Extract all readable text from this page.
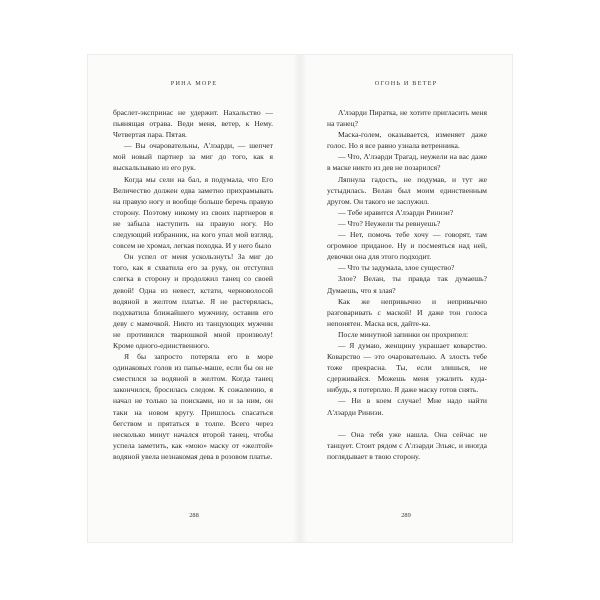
РИНА МОРЕ

браслет-экспринас не удержит. Нахальство — пьянящая отрава. Веди меня, ветер, к Нему. Четвертая пара. Пятая.

— Вы очаровательны, Λ'лэарди, — шепчет мой новый партнер за миг до того, как я выскальзываю из его рук.

Когда мы сели на бал, я подумала, что Его Величество должен едва заметно прихрамывать на правую ногу и вообще больше беречь правую сторону. Поэтому никому из своих партнеров я не забыла наступить на правую ногу. Но следующий избранник, на кого упал мой взгляд, совсем не хромал, легкая походка. И у него было

Он успел от меня ускользнуть! За миг до того, как я схватила его за руку, он отступил слегка в сторону и продолжил танец со своей девой! Одна из невест, кстати, черноволосой водяной в желтом платье. Я не растерялась, подхватила ближайшего мужчину, оставив его деву с мамочкой. Никто из танцующих мужчин не противился тварюшкой мной произволу! Кроме одного-единственного.

Я бы запросто потеряла его в море одинаковых голов из папье-маше, если бы он не сместился за водяной в желтом. Когда танец закончился, бросилась следом. К сожалению, я начал не только за поисками, но и за ним, он таки на новом кругу. Пришлось спасаться бегством и прятаться в толпе. Всего через несколько минут начался второй танец, чтобы успела заметить, как «мою» маску от «желтой» водяной увела незнакомая дева в розовом платье.

288
ОГОНЬ И ВЕТЕР

Λ'лэарди Пиратка, не хотите пригласить меня на танец?

Маска-голем, оказывается, изменяет даже голос. Но я все равно узнала ветренника.

— Что, Λ'лэарди Трагад, неужели на вас даже в маске никто из дев не позарился?

Ляпнула гадость, не подумав, и тут же устыдилась. Велан был моим единственным другом. Он такого не заслужил.

— Тебе нравится Λ'лэарди Риннэи?

— Что? Неужели ты ревнуешь?

— Нет, помочь тебе хочу — говорят, там огромное приданое. Ну и посмеяться над ней, девочки она для этого подходит.

— Что ты задумала, злое существо?

Злое? Велан, ты правда так думаешь? Думаешь, что я злая?

Как же непривычно и непривычно разговаривать с маской! И даже тон голоса непонятен. Маска вся, дайте-ка.

После минутной запинки он прохрипел:

— Я думаю, женщину украшает коварство. Коварство — это очаровательно. А злость тебе тоже прекрасна. Ты, если злишься, не сдерживайся. Можешь меня ужалить куда-нибудь, я потерплю. Я даже маску готов снять.

— Ни в коем случае! Мне надо найти Λ'лэарди Риннэи.

— Она тебя уже нашла. Она сейчас не танцует. Стоит рядом с Λ'лэарди Эльяс, и иногда поглядывает в твою сторону.

289
